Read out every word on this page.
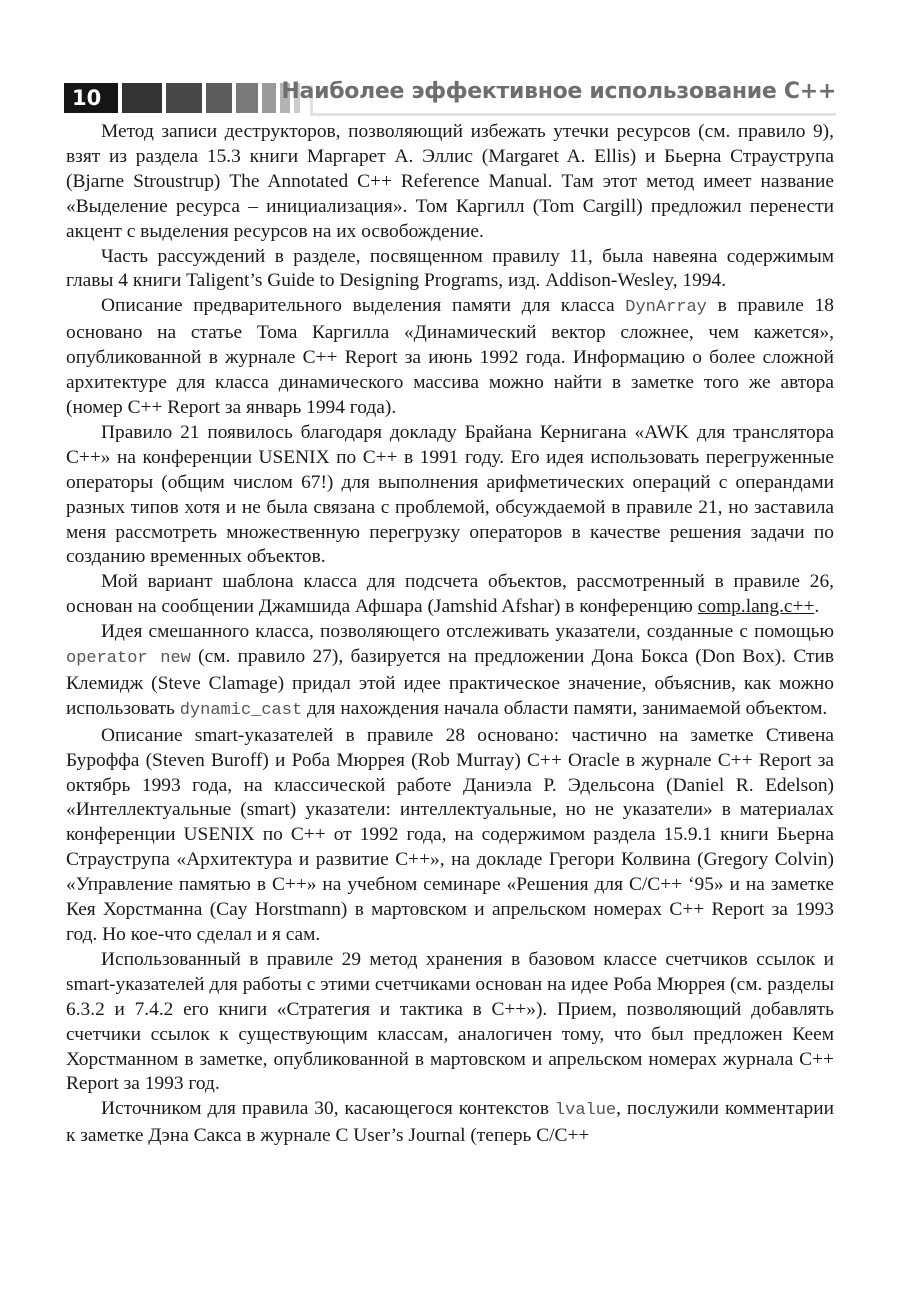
10	Наиболее эффективное использование C++

Метод записи деструкторов, позволяющий избежать утечки ресурсов (см. правило 9), взят из раздела 15.3 книги Маргарет А. Эллис (Margaret A. Ellis) и Бьерна Страуструпа (Bjarne Stroustrup) The Annotated C++ Reference Manual. Там этот метод имеет название «Выделение ресурса – инициализация». Том Каргилл (Tom Cargill) предложил перенести акцент с выделения ресурсов на их освобождение.

Часть рассуждений в разделе, посвященном правилу 11, была навеяна содержимым главы 4 книги Taligent’s Guide to Designing Programs, изд. Addison-Wesley, 1994.

Описание предварительного выделения памяти для класса DynArray в правиле 18 основано на статье Тома Каргилла «Динамический вектор сложнее, чем кажется», опубликованной в журнале C++ Report за июнь 1992 года. Информацию о более сложной архитектуре для класса динамического массива можно найти в заметке того же автора (номер C++ Report за январь 1994 года).

Правило 21 появилось благодаря докладу Брайана Кернигана «AWK для транслятора C++» на конференции USENIX по C++ в 1991 году. Его идея использовать перегруженные операторы (общим числом 67!) для выполнения арифметических операций с операндами разных типов хотя и не была связана с проблемой, обсуждаемой в правиле 21, но заставила меня рассмотреть множественную перегрузку операторов в качестве решения задачи по созданию временных объектов.

Мой вариант шаблона класса для подсчета объектов, рассмотренный в правиле 26, основан на сообщении Джамшида Афшара (Jamshid Afshar) в конференцию comp.lang.c++.

Идея смешанного класса, позволяющего отслеживать указатели, созданные с помощью operator new (см. правило 27), базируется на предложении Дона Бокса (Don Box). Стив Клемидж (Steve Clamage) придал этой идее практическое значение, объяснив, как можно использовать dynamic_cast для нахождения начала области памяти, занимаемой объектом.

Описание smart-указателей в правиле 28 основано: частично на заметке Стивена Буроффа (Steven Buroff) и Роба Мюррея (Rob Murray) C++ Oracle в журнале C++ Report за октябрь 1993 года, на классической работе Даниэла Р. Эдельсона (Daniel R. Edelson) «Интеллектуальные (smart) указатели: интеллектуальные, но не указатели» в материалах конференции USENIX по C++ от 1992 года, на содержимом раздела 15.9.1 книги Бьерна Страуструпа «Архитектура и развитие C++», на докладе Грегори Колвина (Gregory Colvin) «Управление памятью в C++» на учебном семинаре «Решения для C/C++ ‘95» и на заметке Кея Хорстманна (Cay Horstmann) в мартовском и апрельском номерах C++ Report за 1993 год. Но кое-что сделал и я сам.

Использованный в правиле 29 метод хранения в базовом классе счетчиков ссылок и smart-указателей для работы с этими счетчиками основан на идее Роба Мюррея (см. разделы 6.3.2 и 7.4.2 его книги «Стратегия и тактика в C++»). Прием, позволяющий добавлять счетчики ссылок к существующим классам, аналогичен тому, что был предложен Кеем Хорстманном в заметке, опубликованной в мартовском и апрельском номерах журнала C++ Report за 1993 год.

Источником для правила 30, касающегося контекстов lvalue, послужили комментарии к заметке Дэна Сакса в журнале C User’s Journal (теперь C/C++
